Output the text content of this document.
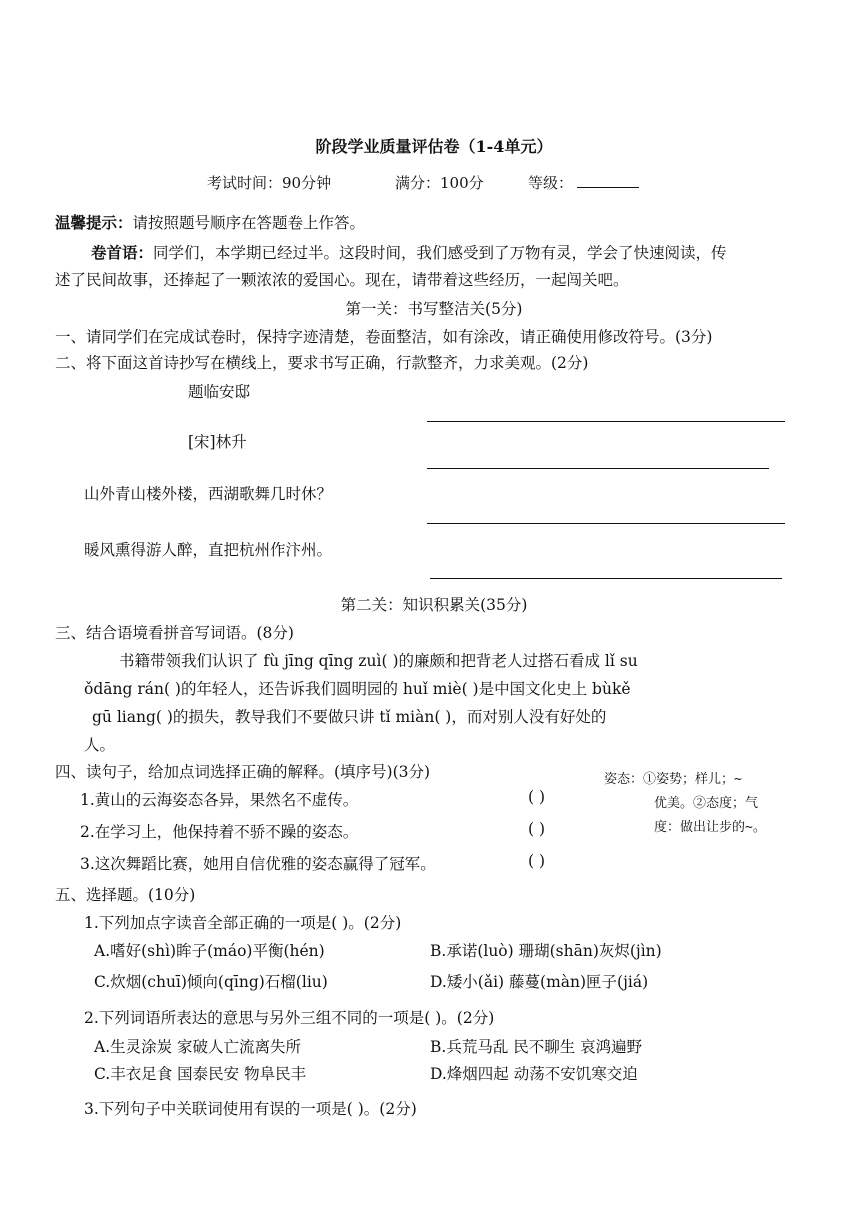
阶段学业质量评估卷（1-4单元）
考试时间：90分钟	满分：100分	等级：
温馨提示：请按照题号顺序在答题卷上作答。
卷首语：同学们，本学期已经过半。这段时间，我们感受到了万物有灵，学会了快速阅读，传
述了民间故事，还捧起了一颗浓浓的爱国心。现在，请带着这些经历，一起闯关吧。
第一关：书写整洁关(5分)
一、请同学们在完成试卷时，保持字迹清楚，卷面整洁，如有涂改，请正确使用修改符号。(3分)
二、将下面这首诗抄写在横线上，要求书写正确，行款整齐，力求美观。(2分)
题临安邸
[宋]林升
山外青山楼外楼，西湖歌舞几时休？
暖风熏得游人醉，直把杭州作汴州。
第二关：知识积累关(35分)
三、结合语境看拼音写词语。(8分)
书籍带领我们认识了 fù jīng qīng zuì( )的廉颇和把背老人过搭石看成 lǐ su
ǒdāng rán( )的年轻人，还告诉我们圆明园的 huǐ miè( )是中国文化史上 bùkě
gū liang( )的损失，教导我们不要做只讲 tǐ miàn( )，而对别人没有好处的
人。
四、读句子，给加点词选择正确的解释。(填序号)(3分)
1.黄山的云海姿态各异，果然名不虚传。	( )
2.在学习上，他保持着不骄不躁的姿态。	( )
3.这次舞蹈比赛，她用自信优雅的姿态赢得了冠军。	( )
姿态：①姿势；样儿；~
优美。②态度；气
度：做出让步的~。
五、选择题。(10分)
1.下列加点字读音全部正确的一项是( )。(2分)
A.嗜好(shì)眸子(máo)平衡(hén)	B.承诺(luò) 珊瑚(shān)灰烬(jìn)
C.炊烟(chuī)倾向(qīng)石榴(liu)	D.矮小(ǎi) 藤蔓(màn)匣子(jiá)
2.下列词语所表达的意思与另外三组不同的一项是( )。(2分)
A.生灵涂炭 家破人亡流离失所	B.兵荒马乱 民不聊生 哀鸿遍野
C.丰衣足食 国泰民安 物阜民丰	D.烽烟四起 动荡不安饥寒交迫
3.下列句子中关联词使用有误的一项是( )。(2分)
